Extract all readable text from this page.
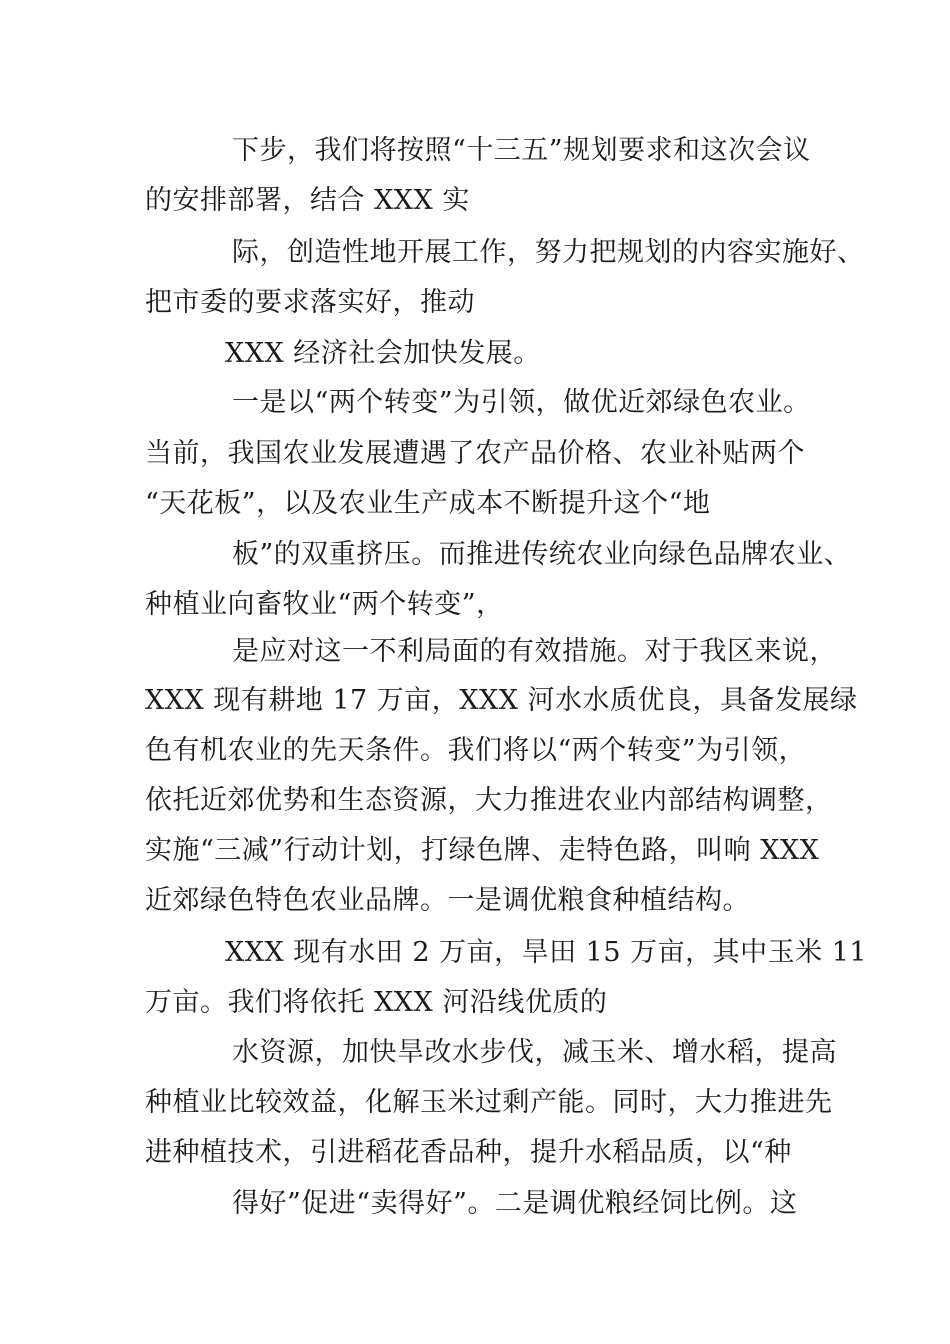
下步，我们将按照“十三五”规划要求和这次会议
的安排部署，结合 XXX 实
际，创造性地开展工作，努力把规划的内容实施好、
把市委的要求落实好，推动
XXX 经济社会加快发展。
一是以“两个转变”为引领，做优近郊绿色农业。
当前，我国农业发展遭遇了农产品价格、农业补贴两个
“天花板”，以及农业生产成本不断提升这个“地
板”的双重挤压。而推进传统农业向绿色品牌农业、
种植业向畜牧业“两个转变”，
是应对这一不利局面的有效措施。对于我区来说，
XXX 现有耕地 17 万亩，XXX 河水水质优良，具备发展绿
色有机农业的先天条件。我们将以“两个转变”为引领，
依托近郊优势和生态资源，大力推进农业内部结构调整，
实施“三减”行动计划，打绿色牌、走特色路，叫响 XXX
近郊绿色特色农业品牌。一是调优粮食种植结构。
XXX 现有水田 2 万亩，旱田 15 万亩，其中玉米 11
万亩。我们将依托 XXX 河沿线优质的
水资源，加快旱改水步伐，减玉米、增水稻，提高
种植业比较效益，化解玉米过剩产能。同时，大力推进先
进种植技术，引进稻花香品种，提升水稻品质，以“种
得好”促进“卖得好”。二是调优粮经饲比例。这
